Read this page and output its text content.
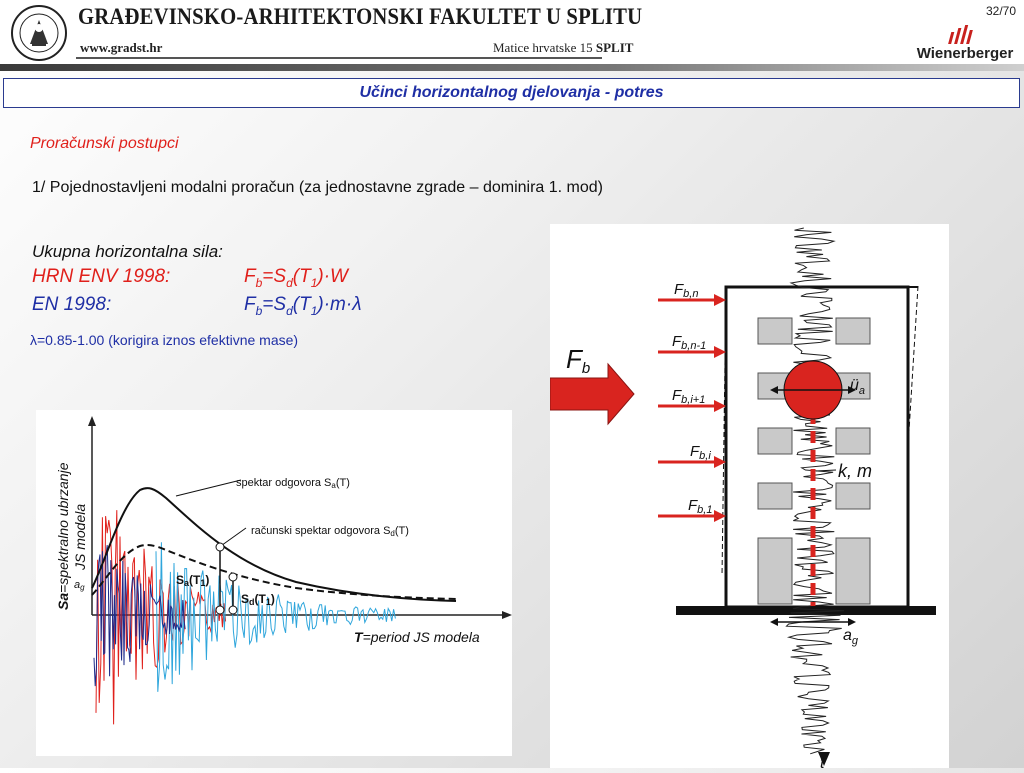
GRAĐEVINSKO-ARHITEKTONSKI FAKULTET U SPLITU
www.gradst.hr	Matice hrvatske 15 SPLIT
32/70
Wienerberger
Učinci horizontalnog djelovanja - potres
Proračunski postupci
1/ Pojednostavljeni modalni proračun (za jednostavne zgrade – dominira 1. mod)
Ukupna horizontalna sila:
HRN ENV 1998:	$F_b=S_d(T_1)\cdot W$
EN 1998:	$F_b=S_d(T_1)\cdot m\cdot\lambda$
λ=0.85-1.00 (korigira iznos efektivne mase)
spektar odgovora Sa(T)
računski spektar odgovora Sd(T)
Sa(T1)
Sd(T1)
ag
T=period JS modela
Sa=spektralno ubrzanje JS modela
Fb
$ü_a$
k, m
$F_{b,n}$
$F_{b,n-1}$
$F_{b,i+1}$
$F_{b,i}$
$F_{b,1}$
$a_g$
t
